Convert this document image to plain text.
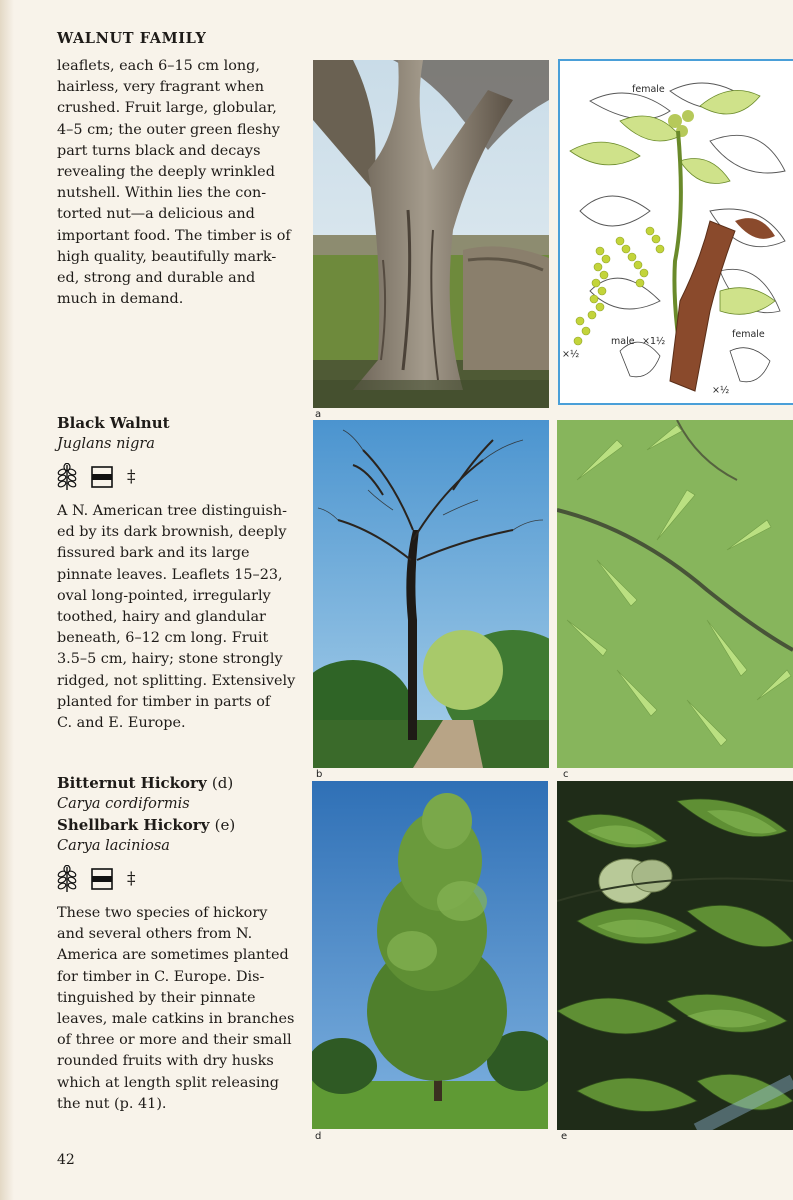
WALNUT FAMILY

leaflets, each 6–15 cm long,
hairless, very fragrant when
crushed. Fruit large, globular,
4–5 cm; the outer green fleshy
part turns black and decays
revealing the deeply wrinkled
nutshell. Within lies the con-
torted nut—a delicious and
important food. The timber is of
high quality, beautifully mark-
ed, strong and durable and
much in demand.

Black Walnut

Juglans nigra

‡

A N. American tree distinguish-
ed by its dark brownish, deeply
fissured bark and its large
pinnate leaves. Leaflets 15–23,
oval long-pointed, irregularly
toothed, hairy and glandular
beneath, 6–12 cm long. Fruit
3.5–5 cm, hairy; stone strongly
ridged, not splitting. Extensively
planted for timber in parts of
C. and E. Europe.

Bitternut Hickory (d)

Carya cordiformis

Shellbark Hickory (e)

Carya laciniosa

‡

These two species of hickory
and several others from N.
America are sometimes planted
for timber in C. Europe. Dis-
tinguished by their pinnate
leaves, male catkins in branches
of three or more and their small
rounded fruits with dry husks
which at length split releasing
the nut (p. 41).

female
male ×1½
×½
female
×½
a
b	c
d	e
42
